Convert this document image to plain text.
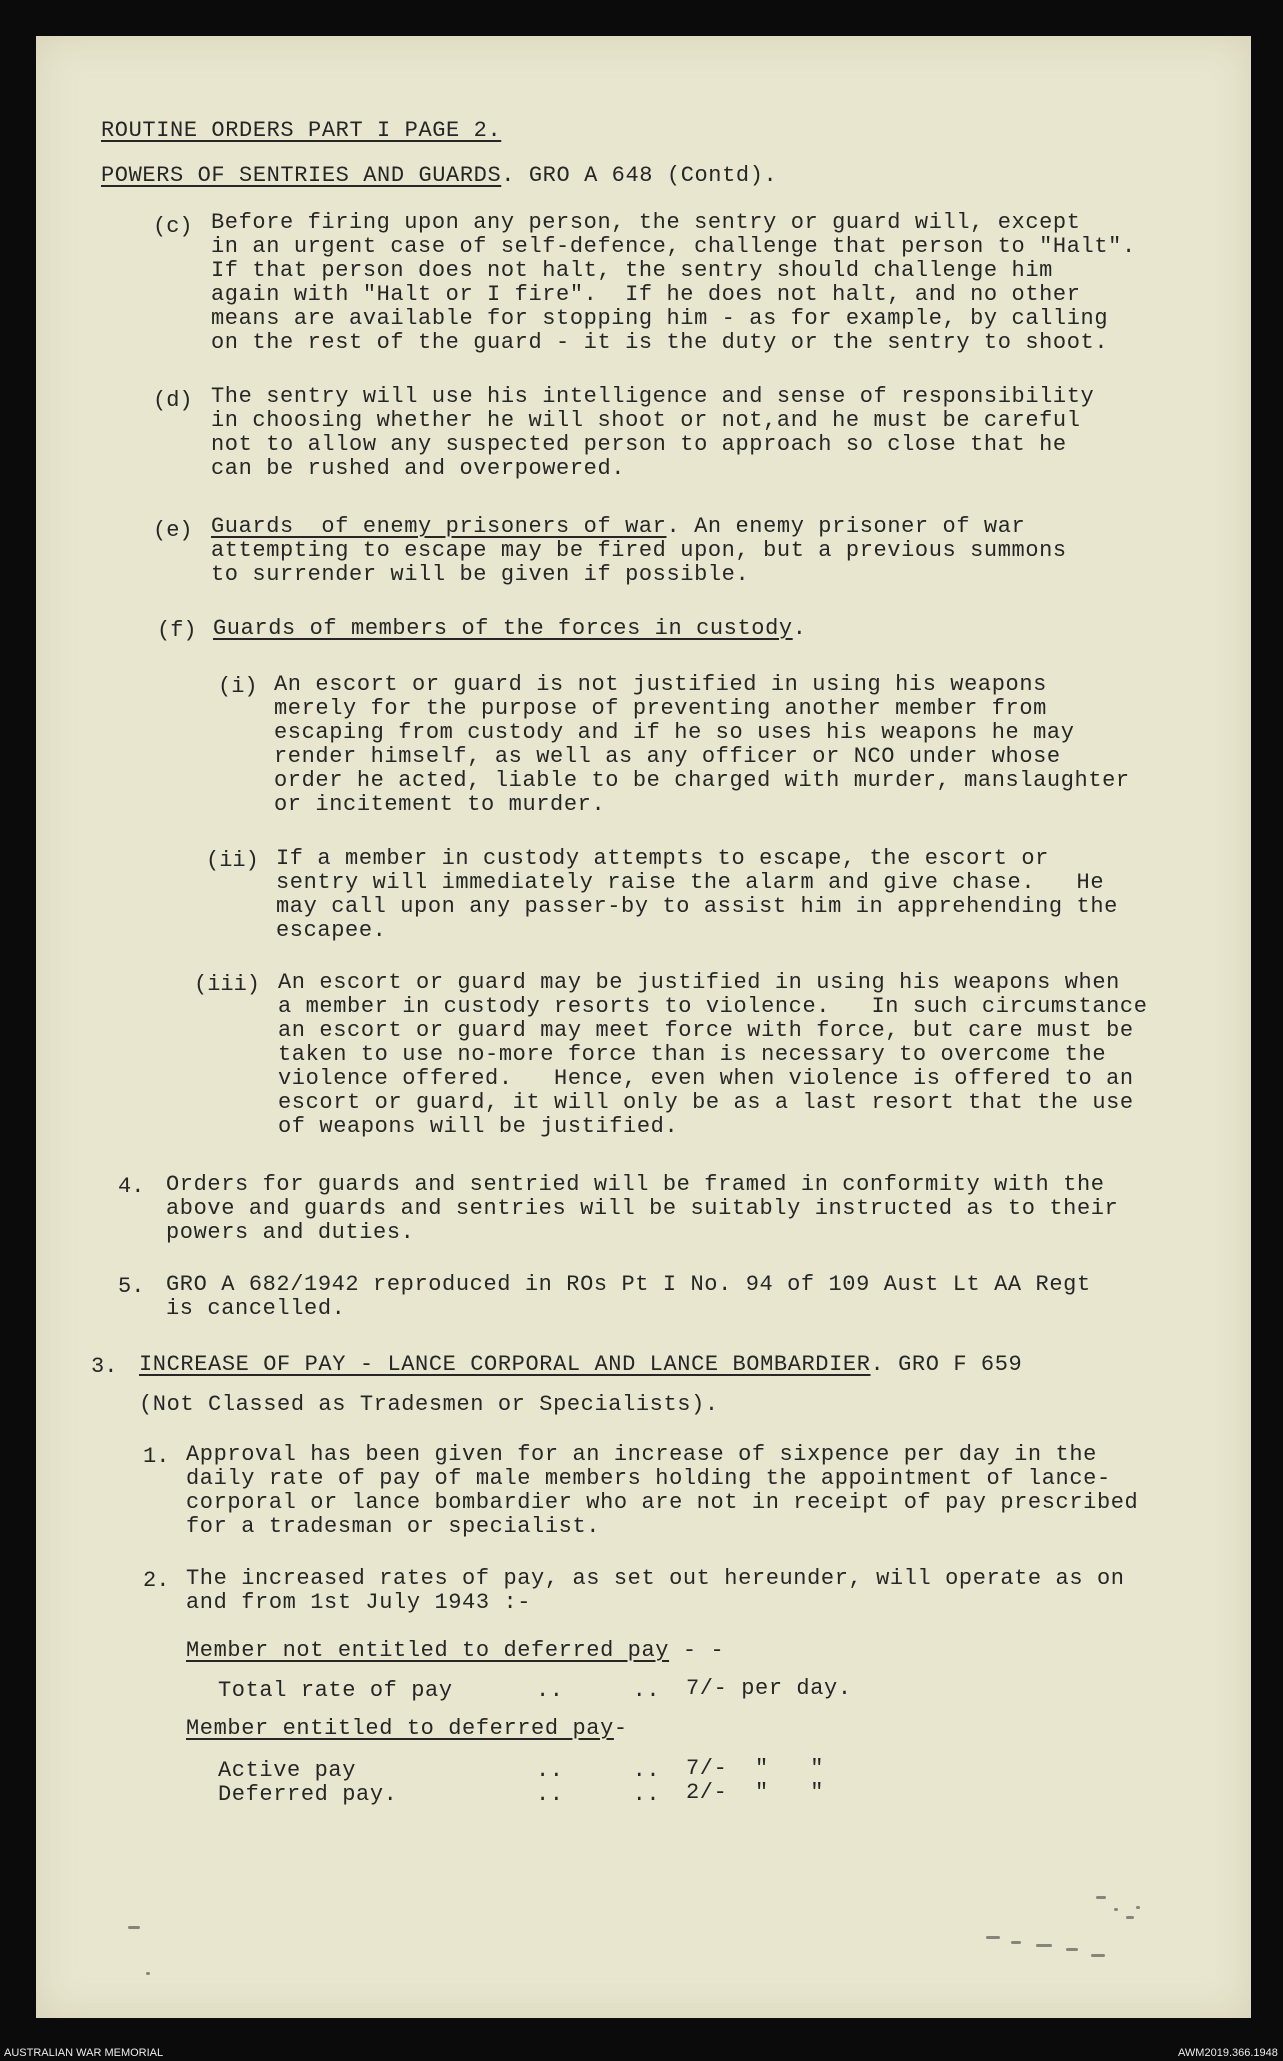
ROUTINE ORDERS PART I PAGE 2.
POWERS OF SENTRIES AND GUARDS. GRO A 648 (Contd).
(c) Before firing upon any person, the sentry or guard will, except
in an urgent case of self-defence, challenge that person to "Halt".
If that person does not halt, the sentry should challenge him
again with "Halt or I fire".  If he does not halt, and no other
means are available for stopping him - as for example, by calling
on the rest of the guard - it is the duty or the sentry to shoot.
(d) The sentry will use his intelligence and sense of responsibility
in choosing whether he will shoot or not,and he must be careful
not to allow any suspected person to approach so close that he
can be rushed and overpowered.
(e) Guards  of enemy prisoners of war. An enemy prisoner of war
attempting to escape may be fired upon, but a previous summons
to surrender will be given if possible.
(f) Guards of members of the forces in custody.
(i) An escort or guard is not justified in using his weapons
merely for the purpose of preventing another member from
escaping from custody and if he so uses his weapons he may
render himself, as well as any officer or NCO under whose
order he acted, liable to be charged with murder, manslaughter
or incitement to murder.
(ii) If a member in custody attempts to escape, the escort or
sentry will immediately raise the alarm and give chase.   He
may call upon any passer-by to assist him in apprehending the
escapee.
(iii) An escort or guard may be justified in using his weapons when
a member in custody resorts to violence.   In such circumstance
an escort or guard may meet force with force, but care must be
taken to use no-more force than is necessary to overcome the
violence offered.   Hence, even when violence is offered to an
escort or guard, it will only be as a last resort that the use
of weapons will be justified.
4. Orders for guards and sentried will be framed in conformity with the
above and guards and sentries will be suitably instructed as to their
powers and duties.
5. GRO A 682/1942 reproduced in ROs Pt I No. 94 of 109 Aust Lt AA Regt
is cancelled.
3. INCREASE OF PAY - LANCE CORPORAL AND LANCE BOMBARDIER. GRO F 659
(Not Classed as Tradesmen or Specialists).
1. Approval has been given for an increase of sixpence per day in the
daily rate of pay of male members holding the appointment of lance-
corporal or lance bombardier who are not in receipt of pay prescribed
for a tradesman or specialist.
2. The increased rates of pay, as set out hereunder, will operate as on
and from 1st July 1943 :-
Member not entitled to deferred pay - -
Total rate of pay	..     .. 7/- per day.
Member entitled to deferred pay-
Active pay	..     .. 7/-  "   "
Deferred pay.	..     .. 2/-  "   "
AUSTRALIAN WAR MEMORIAL	AWM2019.366.1948
